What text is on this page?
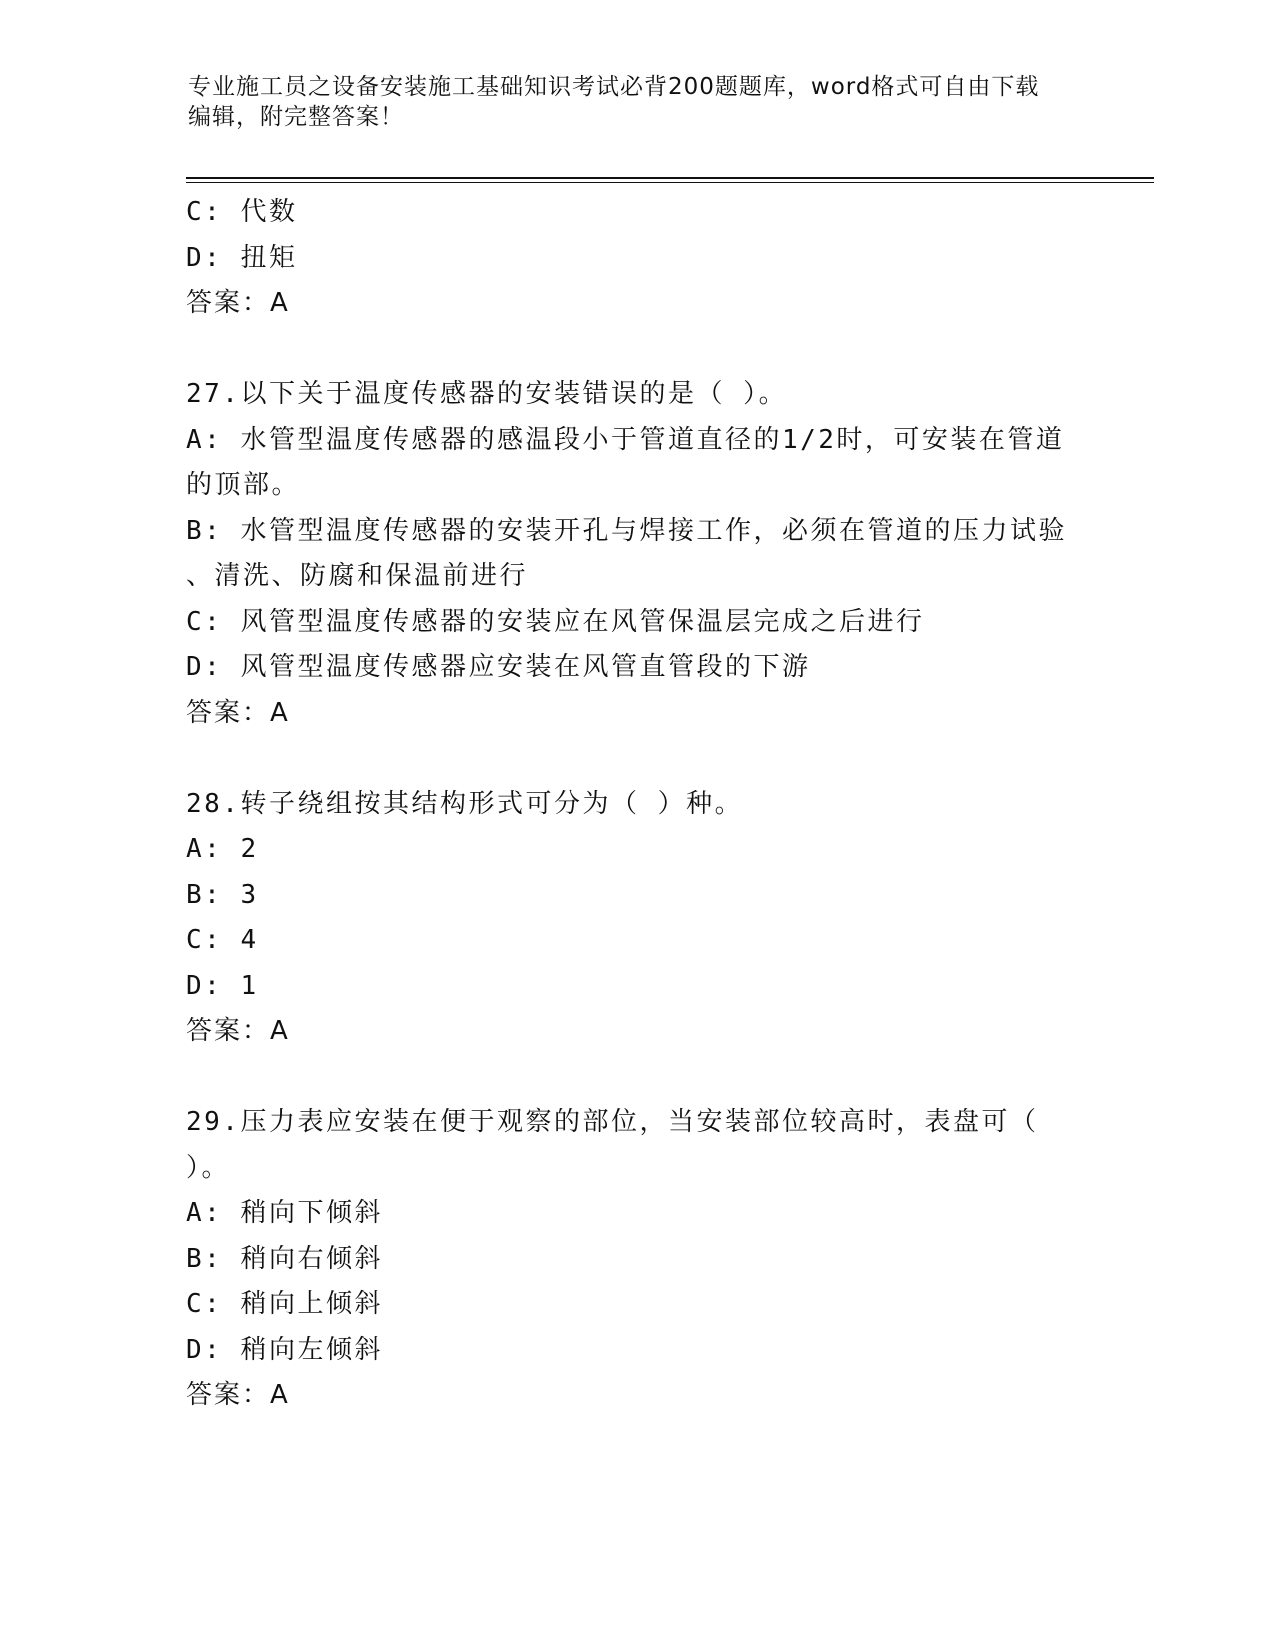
专业施工员之设备安装施工基础知识考试必背200题题库，word格式可自由下载
编辑，附完整答案！
C: 代数
D: 扭矩
答案：A
27.以下关于温度传感器的安装错误的是（ ）。
A: 水管型温度传感器的感温段小于管道直径的1/2时，可安装在管道
的顶部。
B: 水管型温度传感器的安装开孔与焊接工作，必须在管道的压力试验
、清洗、防腐和保温前进行
C: 风管型温度传感器的安装应在风管保温层完成之后进行
D: 风管型温度传感器应安装在风管直管段的下游
答案：A
28.转子绕组按其结构形式可分为（ ）种。
A: 2
B: 3
C: 4
D: 1
答案：A
29.压力表应安装在便于观察的部位，当安装部位较高时，表盘可（
）。
A: 稍向下倾斜
B: 稍向右倾斜
C: 稍向上倾斜
D: 稍向左倾斜
答案：A
